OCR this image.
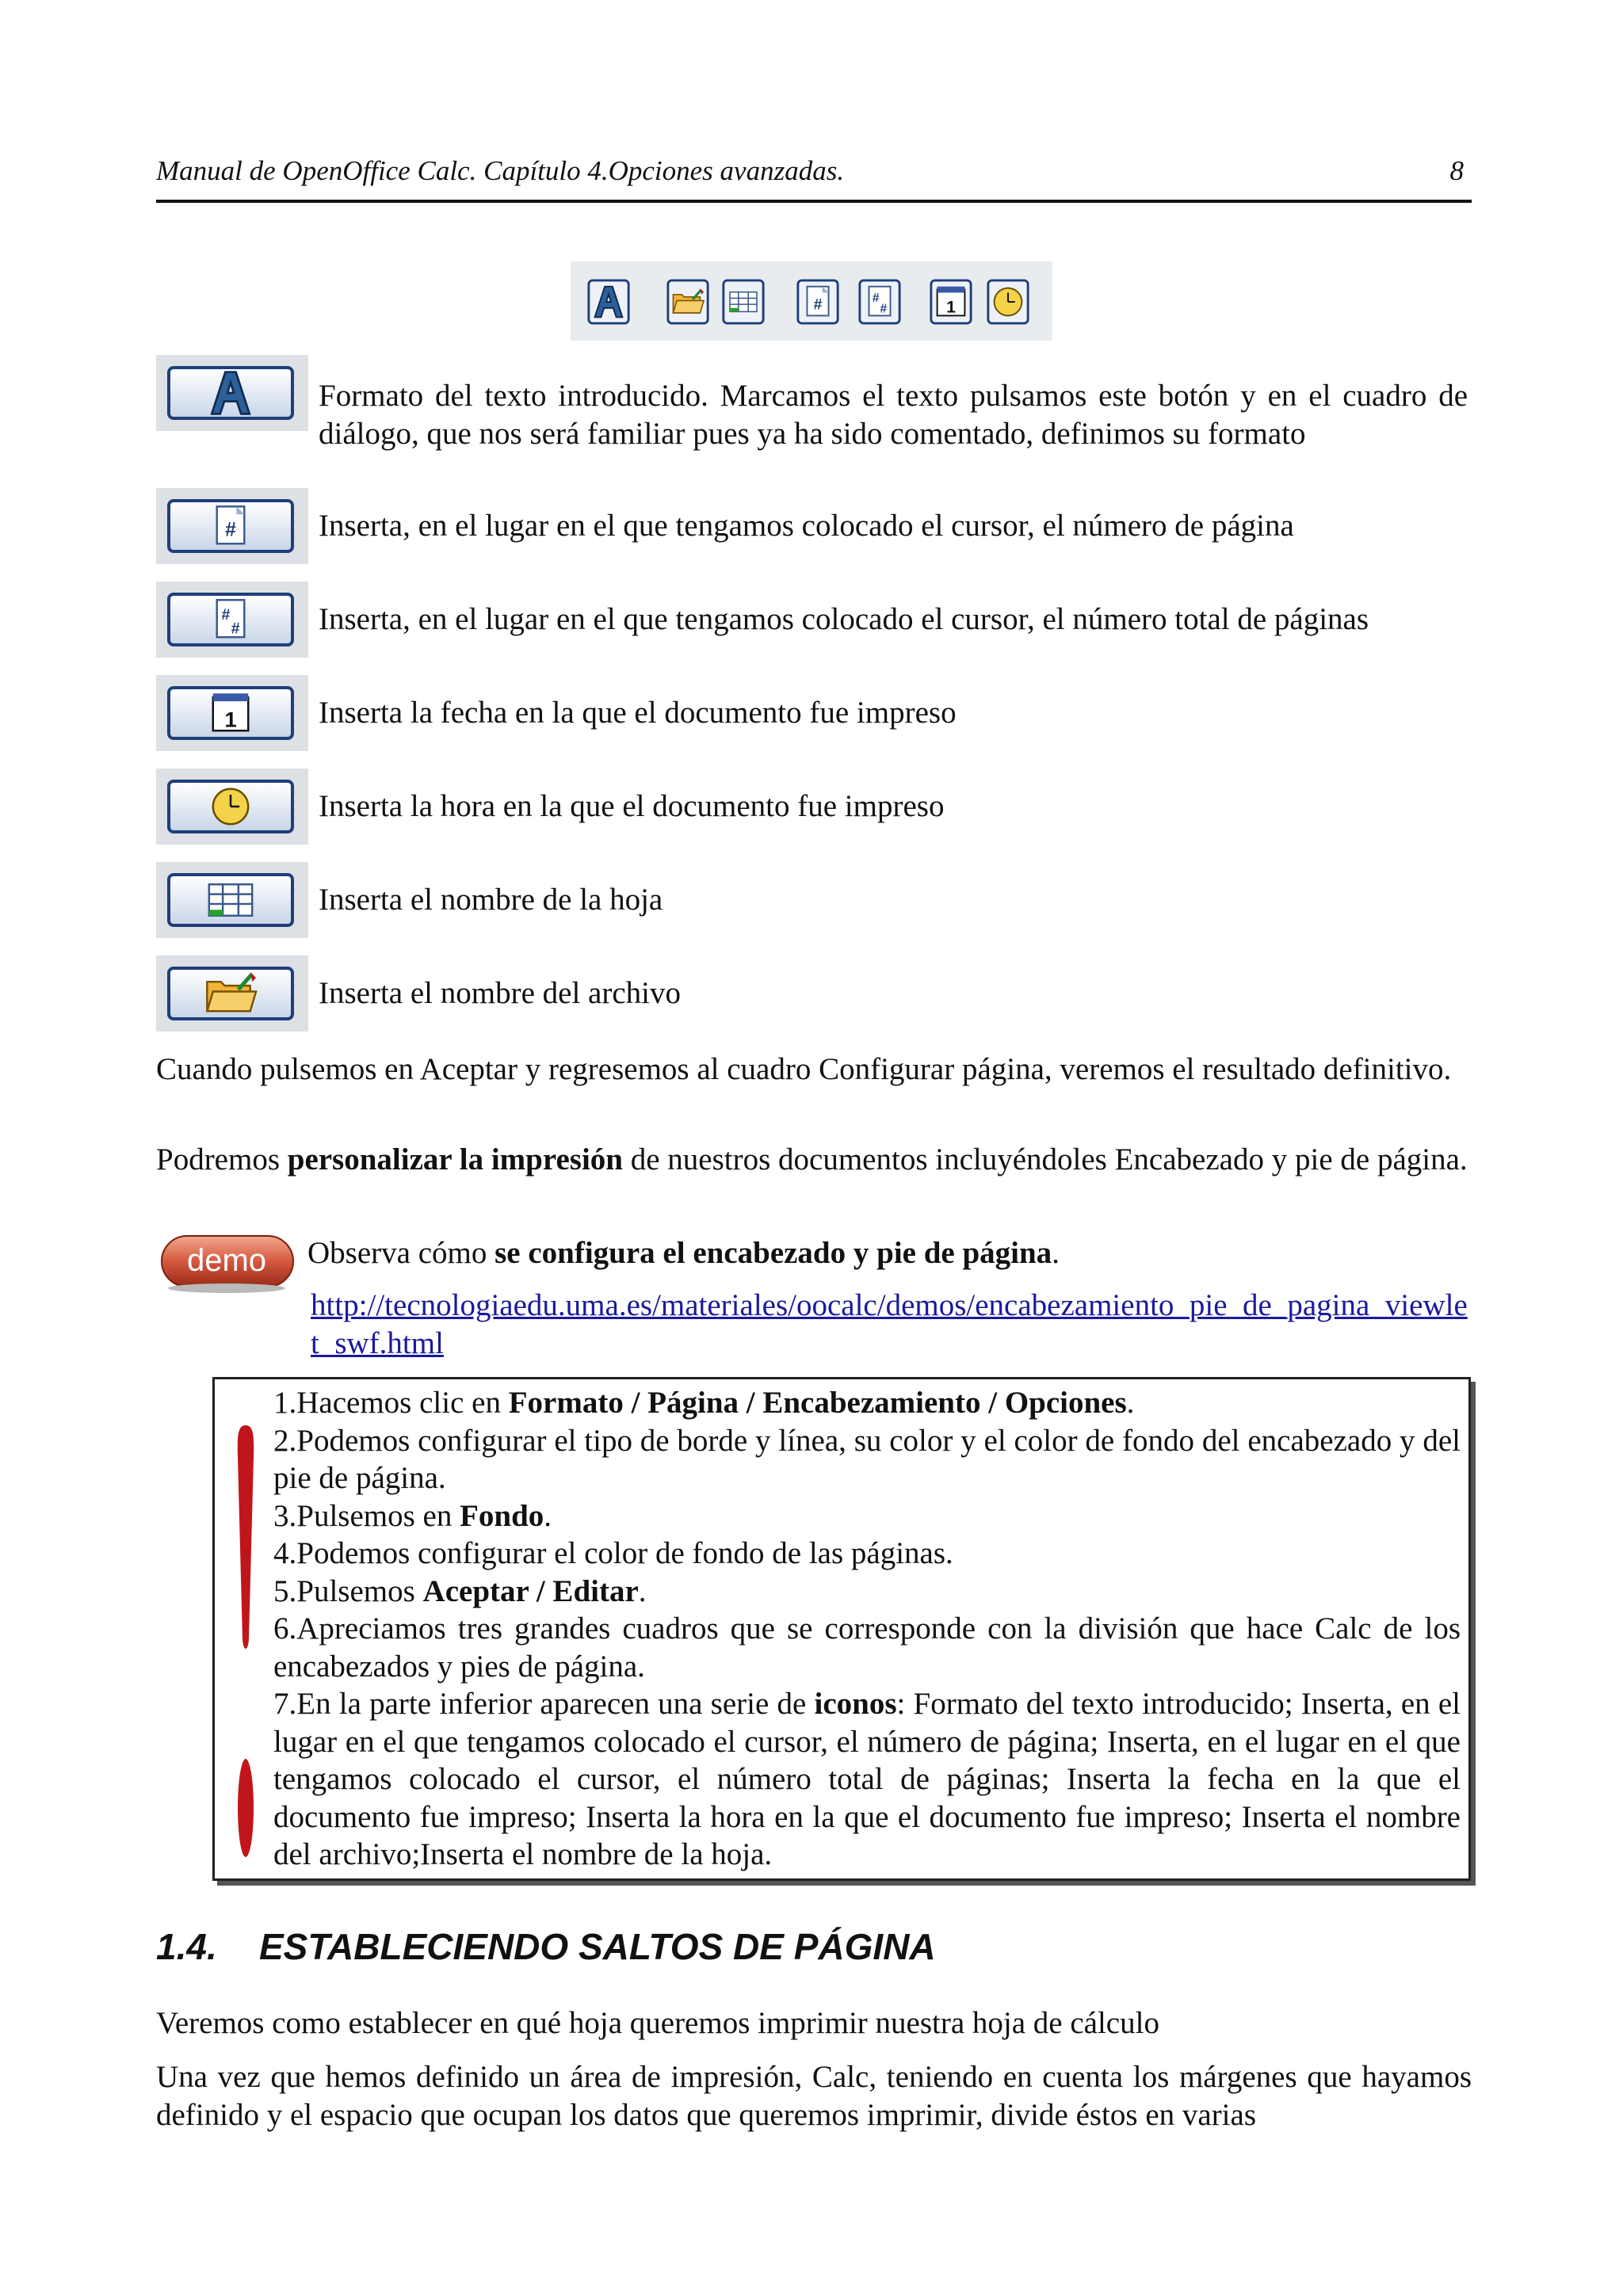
Manual de OpenOffice Calc. Capítulo 4.Opciones avanzadas.	8
Formato del texto introducido. Marcamos el texto pulsamos este botón y en el cuadro de diálogo, que nos será familiar pues ya ha sido comentado, definimos su formato
Inserta, en el lugar en el que tengamos colocado el cursor, el número de página
Inserta, en el lugar en el que tengamos colocado el cursor, el número total de páginas
Inserta la fecha en la que el documento fue impreso
Inserta la hora en la que el documento fue impreso
Inserta el nombre de la hoja
Inserta el nombre del archivo
Cuando pulsemos en Aceptar y regresemos al cuadro Configurar página, veremos el resultado definitivo.
Podremos personalizar la impresión de nuestros documentos incluyéndoles Encabezado y pie de página.
demo Observa cómo se configura el encabezado y pie de página.
http://tecnologiaedu.uma.es/materiales/oocalc/demos/encabezamiento_pie_de_pagina_viewlet_swf.html

1.Hacemos clic en Formato / Página / Encabezamiento / Opciones.

2.Podemos configurar el tipo de borde y línea, su color y el color de fondo del encabezado y del pie de página.

3.Pulsemos en Fondo.

4.Podemos configurar el color de fondo de las páginas.

5.Pulsemos Aceptar / Editar.

6.Apreciamos tres grandes cuadros que se corresponde con la división que hace Calc de los encabezados y pies de página.

7.En la parte inferior aparecen una serie de iconos: Formato del texto introducido; Inserta, en el lugar en el que tengamos colocado el cursor, el número de página; Inserta, en el lugar en el que tengamos colocado el cursor, el número total de páginas; Inserta la fecha en la que el documento fue impreso; Inserta la hora en la que el documento fue impreso; Inserta el nombre del archivo;Inserta el nombre de la hoja.

1.4. ESTABLECIENDO SALTOS DE PÁGINA
Veremos como establecer en qué hoja queremos imprimir nuestra hoja de cálculo
Una vez que hemos definido un área de impresión, Calc, teniendo en cuenta los márgenes que hayamos definido y el espacio que ocupan los datos que queremos imprimir, divide éstos en varias
